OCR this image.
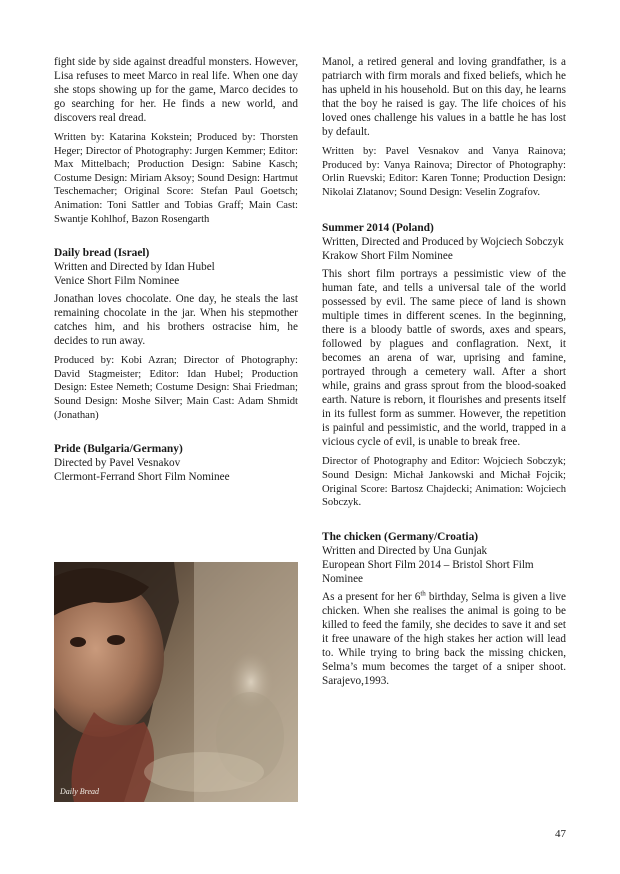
fight side by side against dreadful monsters. However, Lisa refuses to meet Marco in real life. When one day she stops showing up for the game, Marco decides to go searching for her. He finds a new world, and discovers real dread.

Written by: Katarina Kokstein; Produced by: Thorsten Heger; Director of Photography: Jurgen Kemmer; Editor: Max Mittelbach; Production Design: Sabine Kasch; Costume Design: Miriam Aksoy; Sound Design: Hartmut Teschemacher; Original Score: Stefan Paul Goetsch; Animation: Toni Sattler and Tobias Graff; Main Cast: Swantje Kohlhof, Bazon Rosengarth

Daily bread (Israel)
Written and Directed by Idan Hubel
Venice Short Film Nominee

Jonathan loves chocolate. One day, he steals the last remaining chocolate in the jar. When his stepmother catches him, and his brothers ostracise him, he decides to run away.

Produced by: Kobi Azran; Director of Photography: David Stagmeister; Editor: Idan Hubel; Production Design: Estee Nemeth; Costume Design: Shai Friedman; Sound Design: Moshe Silver; Main Cast: Adam Shmidt (Jonathan)

Pride (Bulgaria/Germany)
Directed by Pavel Vesnakov
Clermont-Ferrand Short Film Nominee
Daily Bread

Manol, a retired general and loving grandfather, is a patriarch with firm morals and fixed beliefs, which he has upheld in his household. But on this day, he learns that the boy he raised is gay. The life choices of his loved ones challenge his values in a battle he has lost by default.

Written by: Pavel Vesnakov and Vanya Rainova; Produced by: Vanya Rainova; Director of Photography: Orlin Ruevski; Editor: Karen Tonne; Production Design: Nikolai Zlatanov; Sound Design: Veselin Zografov.

Summer 2014 (Poland)
Written, Directed and Produced by Wojciech Sobczyk
Krakow Short Film Nominee

This short film portrays a pessimistic view of the human fate, and tells a universal tale of the world possessed by evil. The same piece of land is shown multiple times in different scenes. In the beginning, there is a bloody battle of swords, axes and spears, followed by plagues and conflagration. Next, it becomes an arena of war, uprising and famine, portrayed through a cemetery wall. After a short while, grains and grass sprout from the blood-soaked earth. Nature is reborn, it flourishes and presents itself in its fullest form as summer. However, the repetition is painful and pessimistic, and the world, trapped in a vicious cycle of evil, is unable to break free.

Director of Photography and Editor: Wojciech Sobczyk; Sound Design: Michał Jankowski and Michał Fojcik; Original Score: Bartosz Chajdecki; Animation: Wojciech Sobczyk.

The chicken (Germany/Croatia)
Written and Directed by Una Gunjak
European Short Film 2014 – Bristol Short Film Nominee

As a present for her 6th birthday, Selma is given a live chicken. When she realises the animal is going to be killed to feed the family, she decides to save it and set it free unaware of the high stakes her action will lead to. While trying to bring back the missing chicken, Selma’s mum becomes the target of a sniper shoot. Sarajevo,1993.

47
